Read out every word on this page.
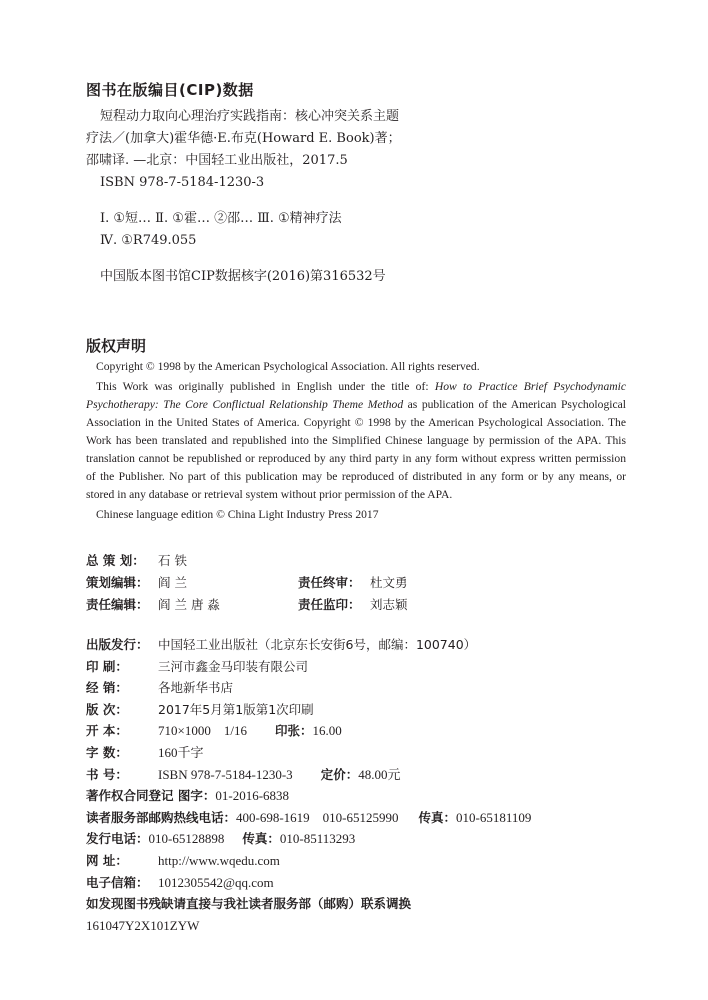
图书在版编目(CIP)数据
短程动力取向心理治疗实践指南：核心冲突关系主题
疗法／(加拿大)霍华德·E.布克(Howard E. Book)著；
邵啸译. —北京：中国轻工业出版社，2017.5
ISBN 978-7-5184-1230-3
Ⅰ. ①短… Ⅱ. ①霍… ②邵… Ⅲ. ①精神疗法
Ⅳ. ①R749.055
中国版本图书馆CIP数据核字(2016)第316532号
版权声明

Copyright © 1998 by the American Psychological Association. All rights reserved.

This Work was originally published in English under the title of: How to Practice Brief Psychodynamic Psychotherapy: The Core Conflictual Relationship Theme Method as publication of the American Psychological Association in the United States of America. Copyright © 1998 by the American Psychological Association. The Work has been translated and republished into the Simplified Chinese language by permission of the APA. This translation cannot be republished or reproduced by any third party in any form without express written permission of the Publisher. No part of this publication may be reproduced of distributed in any form or by any means, or stored in any database or retrieval system without prior permission of the APA.

Chinese language edition © China Light Industry Press 2017

总 策 划：	石 铁
策划编辑： 阎 兰	责任终审： 杜文勇
责任编辑： 阎 兰 唐 淼	责任监印： 刘志颖
出版发行： 中国轻工业出版社（北京东长安街6号，邮编：100740）
印 刷：	三河市鑫金马印装有限公司
经 销：	各地新华书店
版 次：	2017年5月第1版第1次印刷
开 本：	710×1000    1/16 印张：16.00
字 数：	160千字
书 号：	ISBN 978-7-5184-1230-3 定价：48.00元
著作权合同登记 图字：01-2016-6838
读者服务部邮购热线电话：400-698-1619    010-65125990 传真：010-65181109
发行电话：010-65128898 传真：010-85113293
网 址：	http://www.wqedu.com
电子信箱： 1012305542@qq.com
如发现图书残缺请直接与我社读者服务部（邮购）联系调换
161047Y2X101ZYW
